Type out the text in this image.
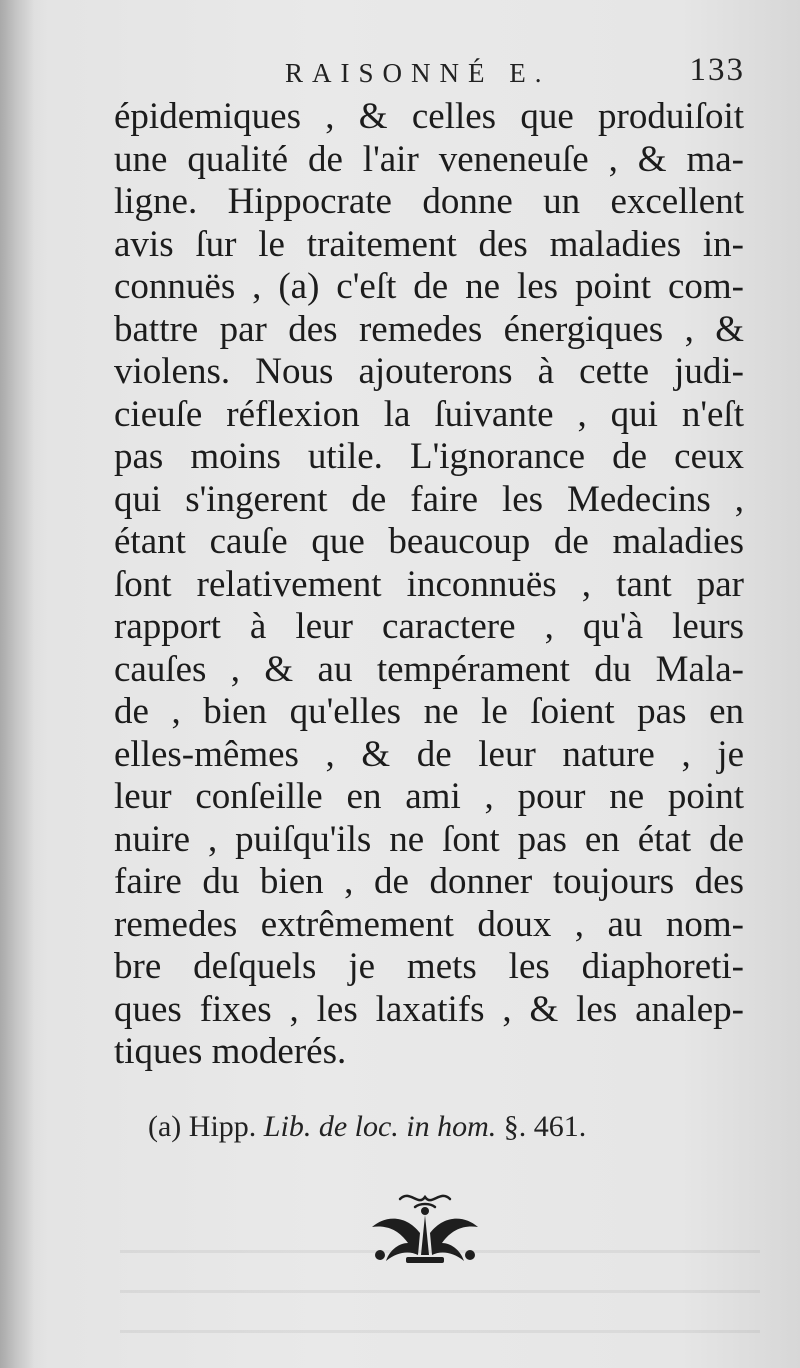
RAISONNÉ E.	133
épidemiques , & celles que produiſoit
une qualité de l'air veneneuſe , & ma-
ligne. Hippocrate donne un excellent
avis ſur le traitement des maladies in-
connuës , (a) c'eſt de ne les point com-
battre par des remedes énergiques , &
violens. Nous ajouterons à cette judi-
cieuſe réflexion la ſuivante , qui n'eſt
pas moins utile. L'ignorance de ceux
qui s'ingerent de faire les Medecins ,
étant cauſe que beaucoup de maladies
ſont relativement inconnuës , tant par
rapport à leur caractere , qu'à leurs
cauſes , & au tempérament du Mala-
de , bien qu'elles ne le ſoient pas en
elles-mêmes , & de leur nature , je
leur conſeille en ami , pour ne point
nuire , puiſqu'ils ne ſont pas en état de
faire du bien , de donner toujours des
remedes extrêmement doux , au nom-
bre deſquels je mets les diaphoreti-
ques fixes , les laxatifs , & les analep-
tiques moderés.
(a) Hipp. Lib. de loc. in hom. §. 461.
